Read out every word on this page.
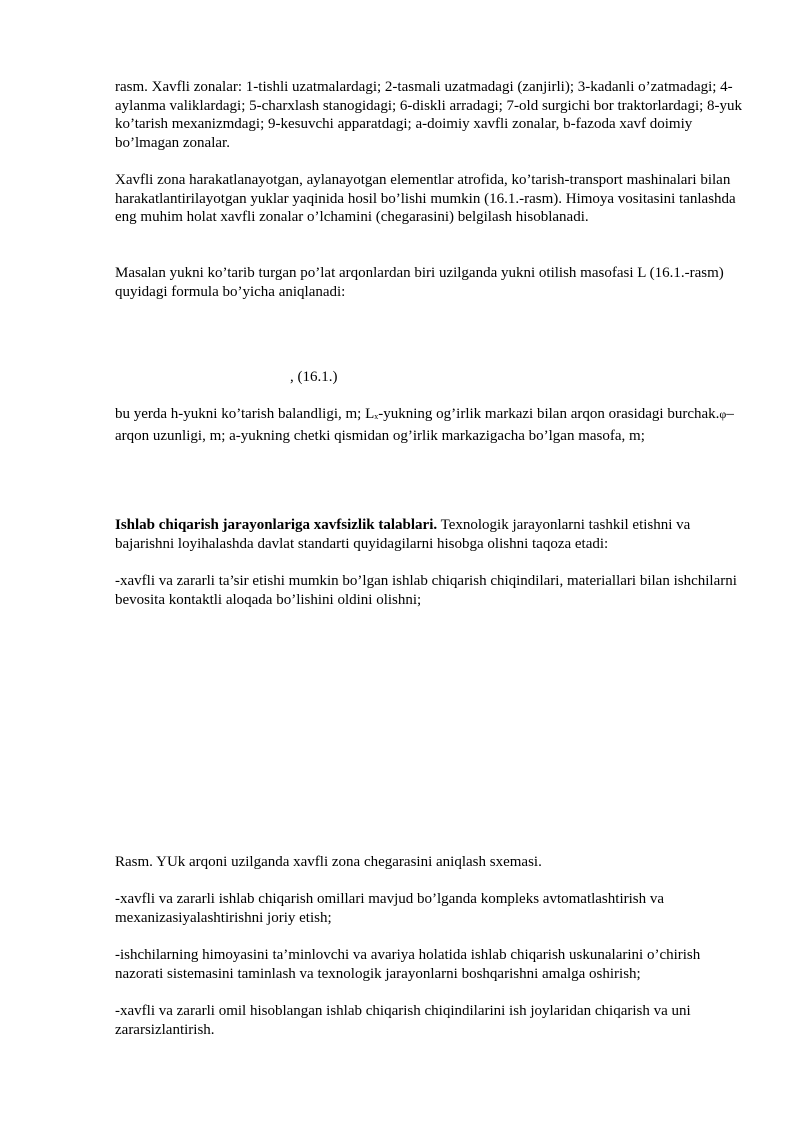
rasm. Xavfli zonalar: 1-tishli uzatmalardagi; 2-tasmali uzatmadagi (zanjirli); 3-kadanli o’zatmadagi; 4-aylanma valiklardagi; 5-charxlash stanogidagi; 6-diskli arradagi; 7-old surgichi bor traktorlardagi; 8-yuk ko’tarish mexanizmdagi; 9-kesuvchi apparatdagi; a-doimiy xavfli zonalar, b-fazoda xavf doimiy bo’lmagan zonalar.

Xavfli zona harakatlanayotgan, aylanayotgan elementlar atrofida, ko’tarish-transport mashinalari bilan harakatlantirilayotgan yuklar yaqinida hosil bo’lishi mumkin (16.1.-rasm). Himoya vositasini tanlashda eng muhim holat xavfli zonalar o’lchamini (chegarasini) belgilash hisoblanadi.

Masalan yukni ko’tarib turgan po’lat arqonlardan biri uzilganda yukni otilish masofasi L (16.1.-rasm) quyidagi formula bo’yicha aniqlanadi:

, (16.1.)

bu yerda h-yukni ko’tarish balandligi, m; Lx-yukning og’irlik markazi bilan arqon orasidagi burchak.φ–arqon uzunligi, m; a-yukning chetki qismidan og’irlik markazigacha bo’lgan masofa, m;

Ishlab chiqarish jarayonlariga xavfsizlik talablari. Texnologik jarayonlarni tashkil etishni va bajarishni loyihalashda davlat standarti quyidagilarni hisobga olishni taqoza etadi:

-xavfli va zararli ta’sir etishi mumkin bo’lgan ishlab chiqarish chiqindilari, materiallari bilan ishchilarni bevosita kontaktli aloqada bo’lishini oldini olishni;

Rasm. YUk arqoni uzilganda xavfli zona chegarasini aniqlash sxemasi.

-xavfli va zararli ishlab chiqarish omillari mavjud bo’lganda kompleks avtomatlashtirish va mexanizasiyalashtirishni joriy etish;

-ishchilarning himoyasini ta’minlovchi va avariya holatida ishlab chiqarish uskunalarini o’chirish nazorati sistemasini taminlash va texnologik jarayonlarni boshqarishni amalga oshirish;

-xavfli va zararli omil hisoblangan ishlab chiqarish chiqindilarini ish joylaridan chiqarish va uni zararsizlantirish.
